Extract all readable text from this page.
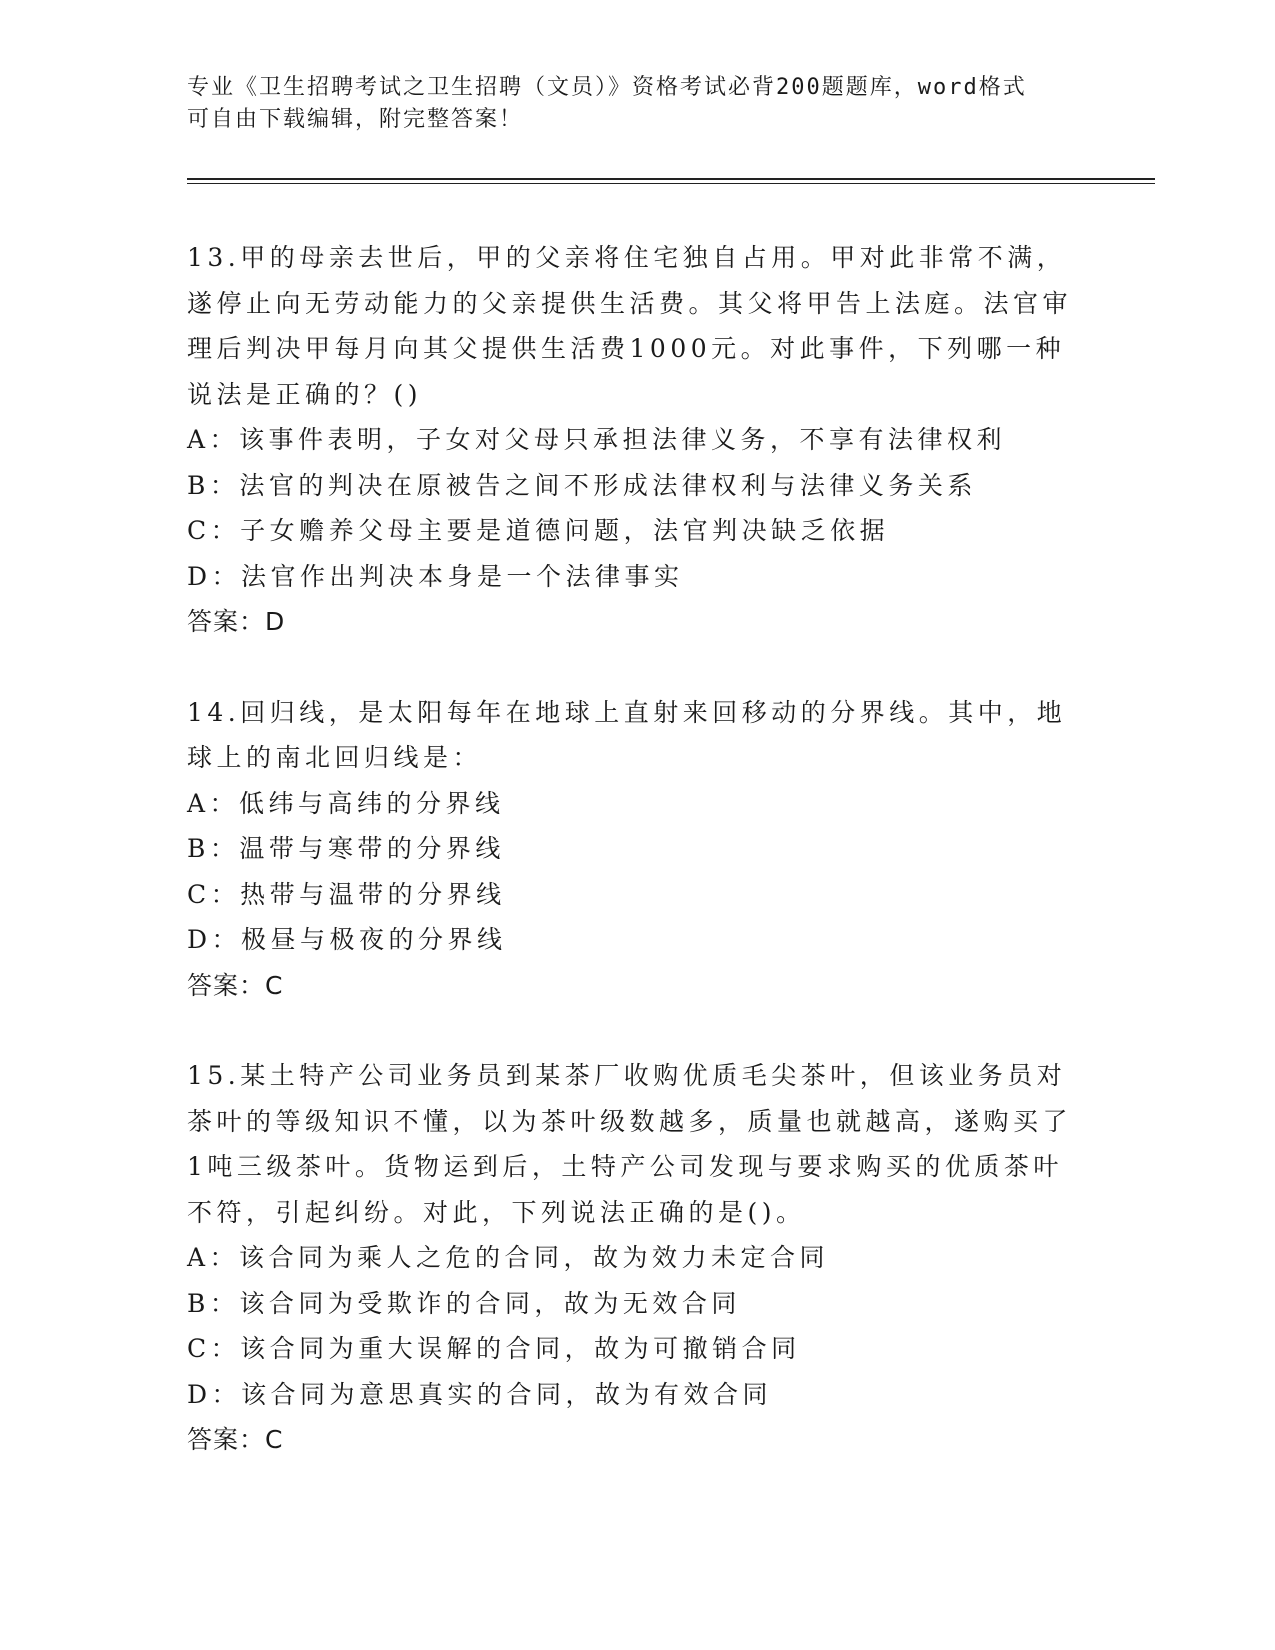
专业《卫生招聘考试之卫生招聘（文员）》资格考试必背200题题库，word格式
可自由下载编辑，附完整答案！

13.甲的母亲去世后，甲的父亲将住宅独自占用。甲对此非常不满，遂停止向无劳动能力的父亲提供生活费。其父将甲告上法庭。法官审理后判决甲每月向其父提供生活费1000元。对此事件，下列哪一种说法是正确的？()

A：该事件表明，子女对父母只承担法律义务，不享有法律权利

B：法官的判决在原被告之间不形成法律权利与法律义务关系

C：子女赡养父母主要是道德问题，法官判决缺乏依据

D：法官作出判决本身是一个法律事实

答案：D

14.回归线，是太阳每年在地球上直射来回移动的分界线。其中，地球上的南北回归线是：

A：低纬与高纬的分界线

B：温带与寒带的分界线

C：热带与温带的分界线

D：极昼与极夜的分界线

答案：C

15.某土特产公司业务员到某茶厂收购优质毛尖茶叶，但该业务员对茶叶的等级知识不懂，以为茶叶级数越多，质量也就越高，遂购买了1吨三级茶叶。货物运到后，土特产公司发现与要求购买的优质茶叶不符，引起纠纷。对此，下列说法正确的是()。

A：该合同为乘人之危的合同，故为效力未定合同

B：该合同为受欺诈的合同，故为无效合同

C：该合同为重大误解的合同，故为可撤销合同

D：该合同为意思真实的合同，故为有效合同

答案：C
